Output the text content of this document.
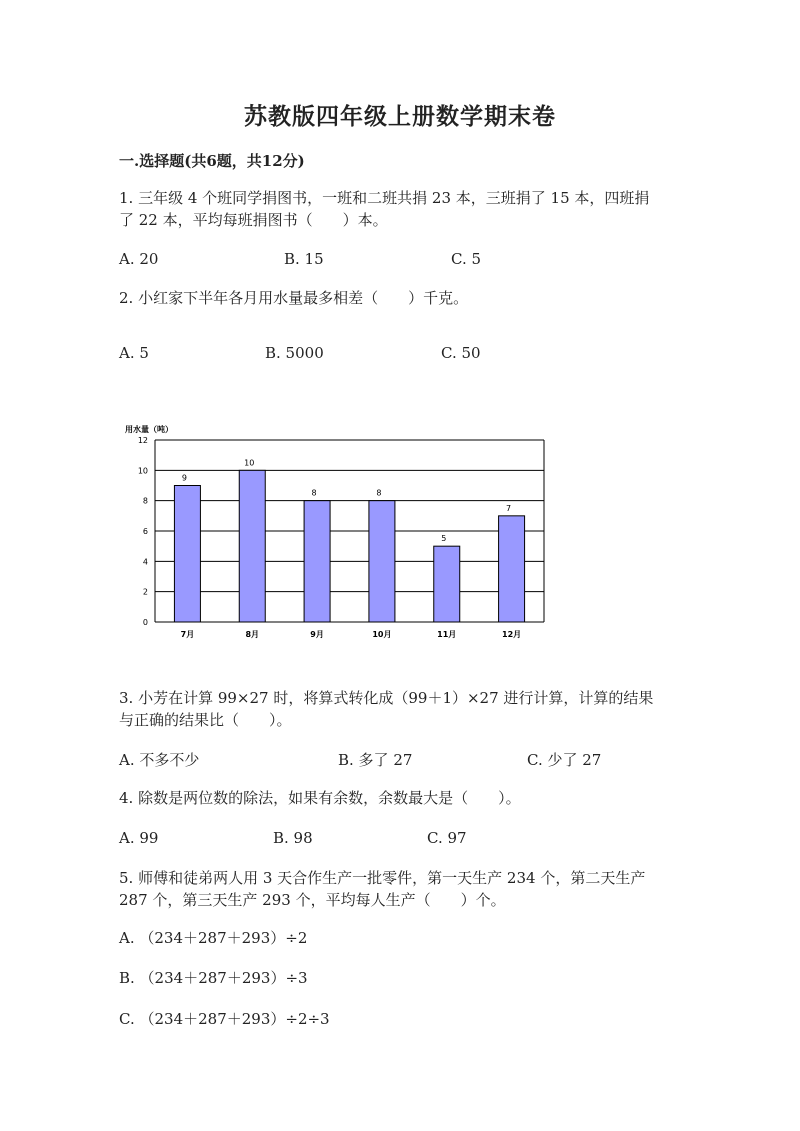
苏教版四年级上册数学期末卷
一.选择题(共6题，共12分)
1. 三年级 4 个班同学捐图书，一班和二班共捐 23 本，三班捐了 15 本，四班捐
了 22 本，平均每班捐图书（　　）本。
A. 20	B. 15	C. 5
2. 小红家下半年各月用水量最多相差（　　）千克。
A. 5	B. 5000	C. 50
用水量（吨）
0
2
4
6
8
10
12
9
10
8	8
5
7
7月	8月	9月	10月	11月	12月
3. 小芳在计算 99×27 时，将算式转化成（99＋1）×27 进行计算，计算的结果
与正确的结果比（　　）。
A. 不多不少	B. 多了 27	C. 少了 27
4. 除数是两位数的除法，如果有余数，余数最大是（　　）。
A. 99	B. 98	C. 97
5. 师傅和徒弟两人用 3 天合作生产一批零件，第一天生产 234 个，第二天生产
287 个，第三天生产 293 个，平均每人生产（　　）个。
A. （234＋287＋293）÷2
B. （234＋287＋293）÷3
C. （234＋287＋293）÷2÷3
